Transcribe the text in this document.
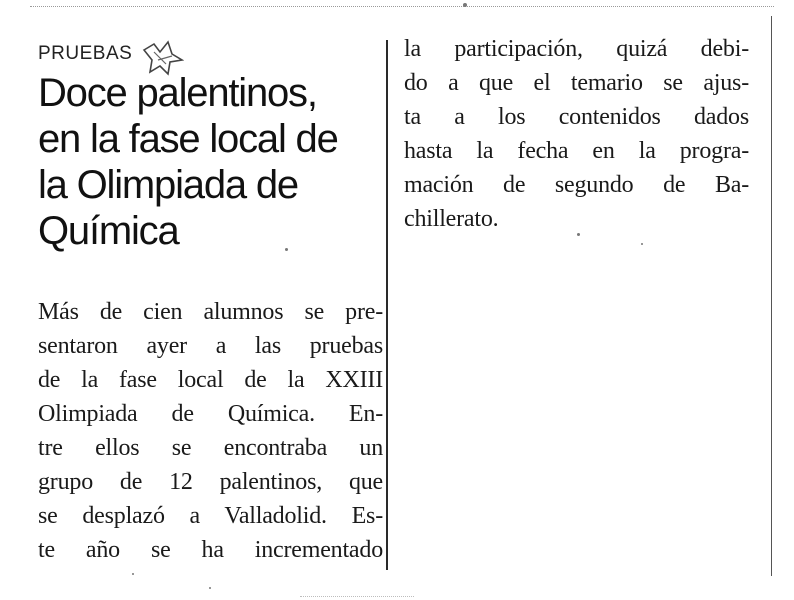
PRUEBAS
Doce palentinos,
en la fase local de
la Olimpiada de
Química
Más de cien alumnos se pre-
sentaron ayer a las pruebas
de la fase local de la XXIII
Olimpiada de Química. En-
tre ellos se encontraba un
grupo de 12 palentinos, que
se desplazó a Valladolid. Es-
te año se ha incrementado
la participación, quizá debi-
do a que el temario se ajus-
ta a los contenidos dados
hasta la fecha en la progra-
mación de segundo de Ba-
chillerato.
